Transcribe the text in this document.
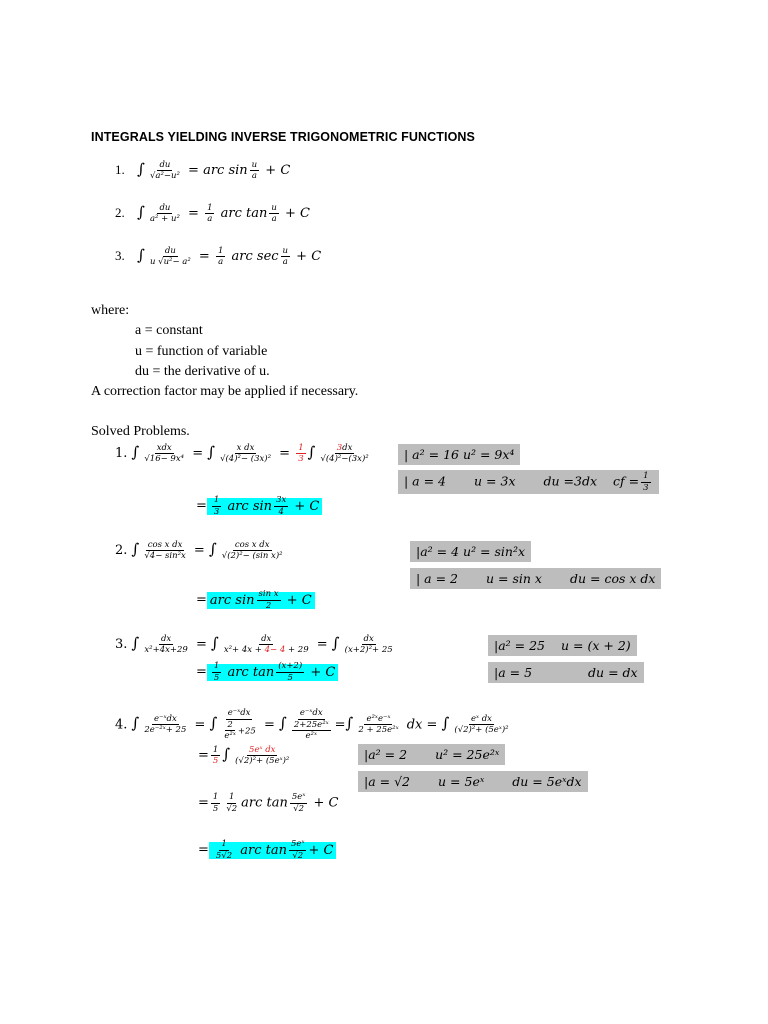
INTEGRALS YIELDING INVERSE TRIGONOMETRIC FUNCTIONS
1. ∫ $\frac{du}{\text{√a²−u²}}$ = arc $\sin \frac{u}{a} + C$
2. ∫ $\frac{du}{\text{a² + u²}} = \frac{1}{a}$ arc $\tan \frac{u}{a} + C$
3. ∫ $\frac{du}{\text{u √u²− a²}} = \frac{1}{a}$ arc $\sec \frac{u}{a} + C$
where:
a = constant
u = function of variable
du = the derivative of u.
A correction factor may be applied if necessary.
Solved Problems.
1. ∫ $\frac{\text{xdx}}{\text{√16− 9x⁴}}$ = ∫ $\frac{\text{x dx}}{\text{√(4)²− (3x)²}} = \frac{1}{3}$ ∫ $\frac{3dx}{\text{√(4)²−(3x)²}}$	| a² = 16 u² = 9x⁴
| a = 4 u = 3x du =3dx cf = $\frac{1}{3}$
= $\frac{1}{3}$ arc $\sin \frac{3x}{4} + C$
2. ∫ $\frac{\text{cos x dx}}{\text{√4− sin²x}}$ = ∫ $\frac{\text{cos x dx}}{\text{√(2)²− (sin x)²}}$	|a² = 4 u² = sin²x
| a = 2 u = sin x du = cos x dx
= arc $\sin \frac{\text{sin x}}{2} + C$
3. ∫ $\frac{dx}{\text{x²+4x+29}}$ = ∫ $\frac{dx}{\text{x²+ 4x + 4− 4 + 29}}$ = ∫ $\frac{dx}{\text{(x+2)²+ 25}}$	|a² = 25 u = (x + 2)
|a = 5	du = dx
= $\frac{1}{5}$ arc $\tan \frac{(x+2)}{5} + C$
4. ∫ $\frac{\text{e⁻ˣdx}}{\text{2e⁻²ˣ+ 25}}$ = ∫ $\frac{\text{e⁻ˣdx}}{\frac{2}{\text{e²ˣ}} +25}$ = ∫ $\frac{\text{e⁻ˣdx}}{\frac{\text{2+25e²ˣ}}{\text{e²ˣ}}}$ =∫ $\frac{\text{e²ˣe⁻ˣ}}{\text{2 + 25e²ˣ}}$ dx = ∫ $\frac{\text{eˣ dx}}{\text{(√2)²+ (5eˣ)²}}$
= $\frac{1}{5}$ ∫ $\frac{\text{5eˣ dx}}{\text{(√2)²+ (5eˣ)²}}$	|a² = 2 u² = 25e²ˣ
|a = √2 u = 5eˣ du = 5eˣdx
= $\frac{1}{5} \frac{1}{√2}$ arc $\tan \frac{\text{5eˣ}}{√2} + C$
= $\frac{1}{5√2}$ arc $\tan \frac{\text{5eˣ}}{√2} + C$
